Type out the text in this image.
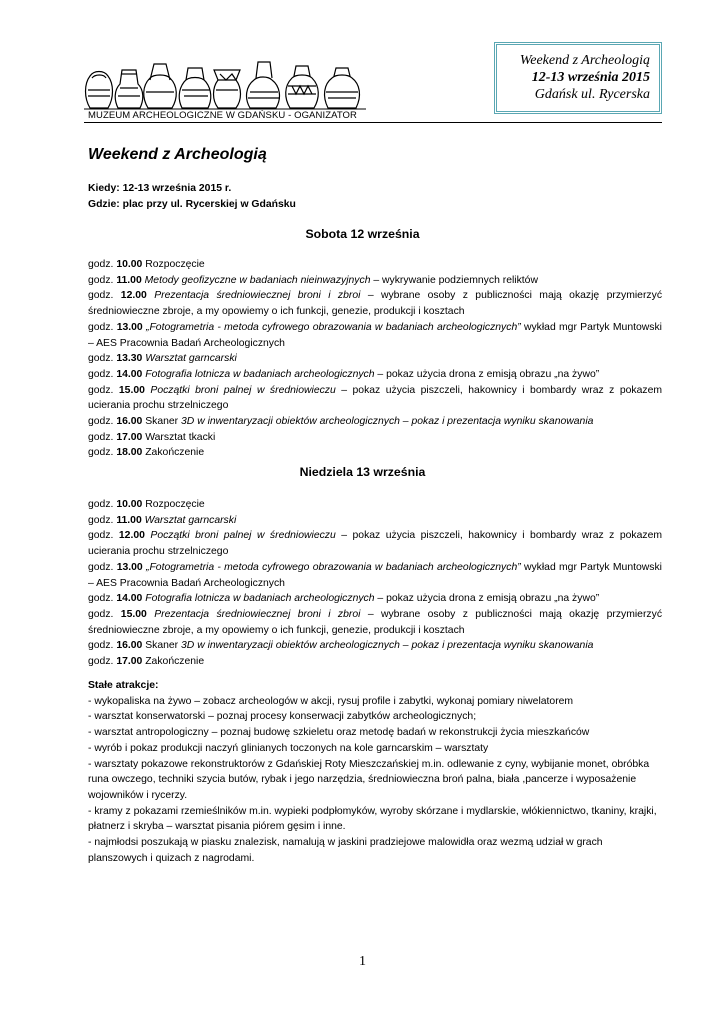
MUZEUM ARCHEOLOGICZNE W GDAŃSKU - OGANIZATOR
Weekend z Archeologią
12-13 września 2015
Gdańsk ul. Rycerska
Weekend z Archeologią
Kiedy: 12-13 września 2015 r.
Gdzie: plac przy ul. Rycerskiej w Gdańsku
Sobota 12 września
godz. 10.00 Rozpoczęcie
godz. 11.00 Metody geofizyczne w badaniach nieinwazyjnych – wykrywanie podziemnych reliktów
godz. 12.00 Prezentacja średniowiecznej broni i zbroi – wybrane osoby z publiczności mają okazję przymierzyć średniowieczne zbroje, a my opowiemy o ich funkcji, genezie, produkcji i kosztach
godz. 13.00 „Fotogrametria - metoda cyfrowego obrazowania w badaniach archeologicznych” wykład mgr Partyk Muntowski – AES Pracownia Badań Archeologicznych
godz. 13.30 Warsztat garncarski
godz. 14.00 Fotografia lotnicza w badaniach archeologicznych – pokaz użycia drona z emisją obrazu „na żywo”
godz. 15.00 Początki broni palnej w średniowieczu – pokaz użycia piszczeli, hakownicy i bombardy wraz z pokazem ucierania prochu strzelniczego
godz. 16.00 Skaner 3D w inwentaryzacji obiektów archeologicznych – pokaz i prezentacja wyniku skanowania
godz. 17.00 Warsztat tkacki
godz. 18.00 Zakończenie
Niedziela 13 września
godz. 10.00 Rozpoczęcie
godz. 11.00 Warsztat garncarski
godz. 12.00 Początki broni palnej w średniowieczu – pokaz użycia piszczeli, hakownicy i bombardy wraz z pokazem ucierania prochu strzelniczego
godz. 13.00 „Fotogrametria - metoda cyfrowego obrazowania w badaniach archeologicznych” wykład mgr Partyk Muntowski – AES Pracownia Badań Archeologicznych
godz. 14.00 Fotografia lotnicza w badaniach archeologicznych – pokaz użycia drona z emisją obrazu „na żywo”
godz. 15.00 Prezentacja średniowiecznej broni i zbroi – wybrane osoby z publiczności mają okazję przymierzyć średniowieczne zbroje, a my opowiemy o ich funkcji, genezie, produkcji i kosztach
godz. 16.00 Skaner 3D w inwentaryzacji obiektów archeologicznych – pokaz i prezentacja wyniku skanowania
godz. 17.00 Zakończenie
Stałe atrakcje:
- wykopaliska na żywo – zobacz archeologów w akcji, rysuj profile i zabytki, wykonaj pomiary niwelatorem
- warsztat konserwatorski – poznaj procesy konserwacji zabytków archeologicznych;
- warsztat antropologiczny – poznaj budowę szkieletu oraz metodę badań w rekonstrukcji życia mieszkańców
- wyrób i pokaz produkcji naczyń glinianych toczonych na kole garncarskim – warsztaty
- warsztaty pokazowe rekonstruktorów z Gdańskiej Roty Mieszczańskiej m.in. odlewanie z cyny, wybijanie monet, obróbka runa owczego, techniki szycia butów, rybak i jego narzędzia, średniowieczna broń palna, biała ,pancerze i wyposażenie wojowników i rycerzy.
- kramy z pokazami rzemieślników m.in. wypieki podpłomyków, wyroby skórzane i mydlarskie, włókiennictwo, tkaniny, krajki, płatnerz i skryba – warsztat pisania piórem gęsim i inne.
- najmłodsi poszukają w piasku znalezisk, namalują w jaskini pradziejowe malowidła oraz wezmą udział w grach planszowych i quizach z nagrodami.
1
